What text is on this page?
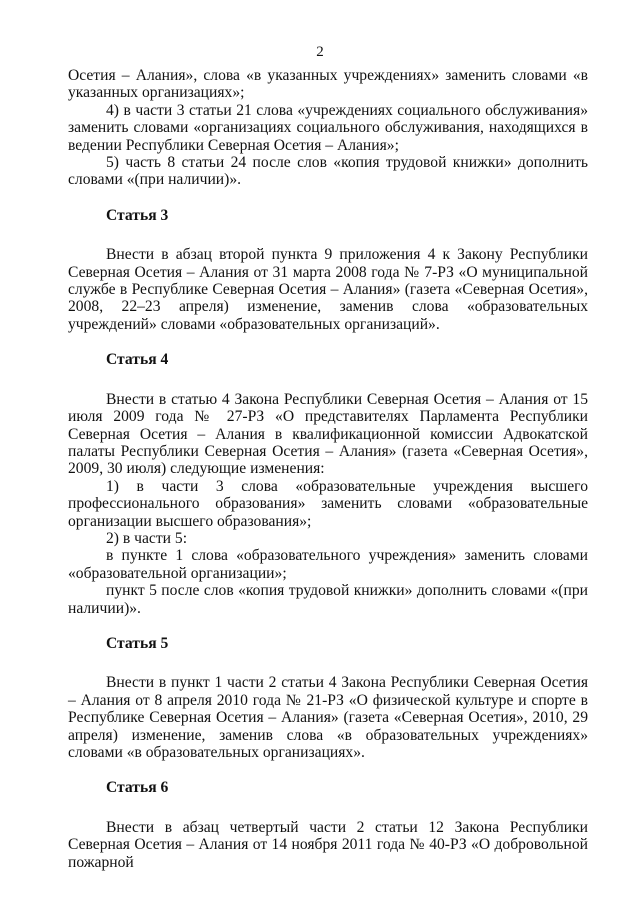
2

Осетия – Алания», слова «в указанных учреждениях» заменить словами «в указанных организациях»;

4) в части 3 статьи 21 слова «учреждениях социального обслуживания» заменить словами «организациях социального обслуживания, находящихся в ведении Республики Северная Осетия – Алания»;

5) часть 8 статьи 24 после слов «копия трудовой книжки» дополнить словами «(при наличии)».

Статья 3

Внести в абзац второй пункта 9 приложения 4 к Закону Республики Северная Осетия – Алания от 31 марта 2008 года № 7-РЗ «О муниципальной службе в Республике Северная Осетия – Алания» (газета «Северная Осетия», 2008, 22–23 апреля) изменение, заменив слова «образовательных учреждений» словами «образовательных организаций».

Статья 4

Внести в статью 4 Закона Республики Северная Осетия – Алания от 15 июля 2009 года № 27-РЗ «О представителях Парламента Республики Северная Осетия – Алания в квалификационной комиссии Адвокатской палаты Республики Северная Осетия – Алания» (газета «Северная Осетия», 2009, 30 июля) следующие изменения:

1) в части 3 слова «образовательные учреждения высшего профессионального образования» заменить словами «образовательные организации высшего образования»;

2) в части 5:

в пункте 1 слова «образовательного учреждения» заменить словами «образовательной организации»;

пункт 5 после слов «копия трудовой книжки» дополнить словами «(при наличии)».

Статья 5

Внести в пункт 1 части 2 статьи 4 Закона Республики Северная Осетия – Алания от 8 апреля 2010 года № 21-РЗ «О физической культуре и спорте в Республике Северная Осетия – Алания» (газета «Северная Осетия», 2010, 29 апреля) изменение, заменив слова «в образовательных учреждениях» словами «в образовательных организациях».

Статья 6

Внести в абзац четвертый части 2 статьи 12 Закона Республики Северная Осетия – Алания от 14 ноября 2011 года № 40-РЗ «О добровольной пожарной
